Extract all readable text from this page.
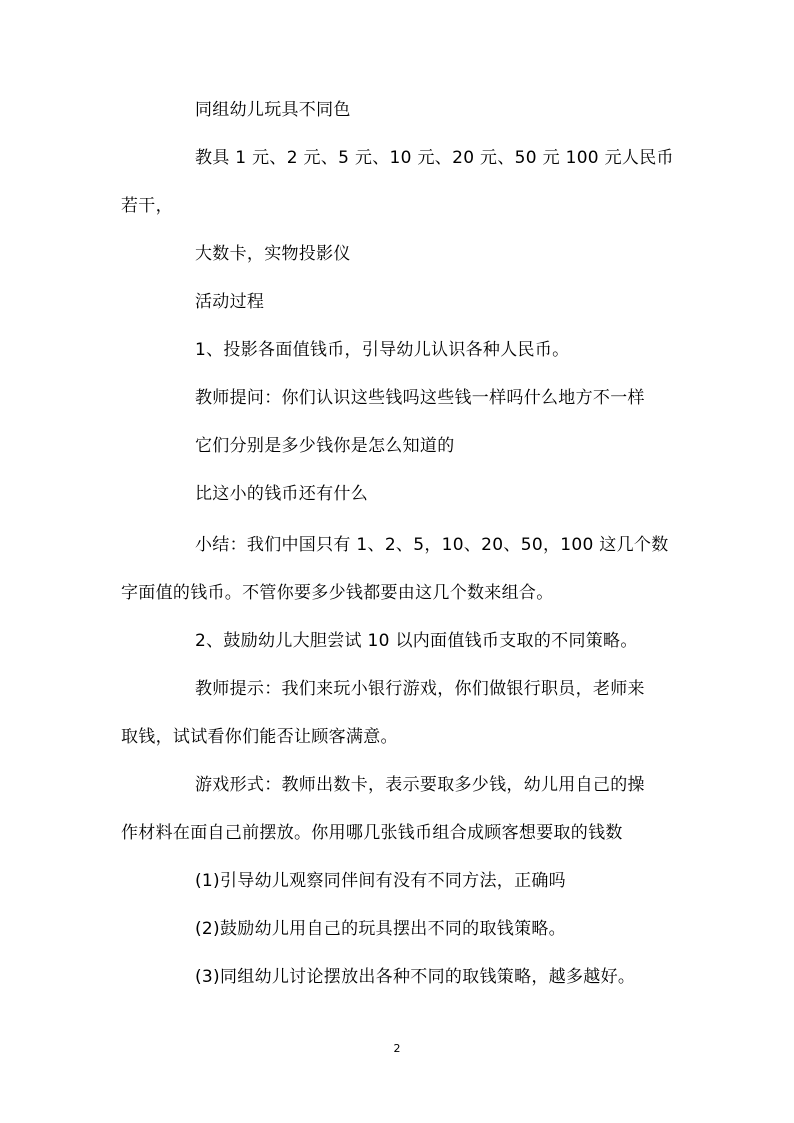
同组幼儿玩具不同色
教具 1 元、2 元、5 元、10 元、20 元、50 元 100 元人民币
若干，
大数卡，实物投影仪
活动过程
1、投影各面值钱币，引导幼儿认识各种人民币。
教师提问：你们认识这些钱吗这些钱一样吗什么地方不一样
它们分别是多少钱你是怎么知道的
比这小的钱币还有什么
小结：我们中国只有 1、2、5，10、20、50，100 这几个数
字面值的钱币。不管你要多少钱都要由这几个数来组合。
2、鼓励幼儿大胆尝试 10 以内面值钱币支取的不同策略。
教师提示：我们来玩小银行游戏，你们做银行职员，老师来
取钱，试试看你们能否让顾客满意。
游戏形式：教师出数卡，表示要取多少钱，幼儿用自己的操
作材料在面自己前摆放。你用哪几张钱币组合成顾客想要取的钱数
(1)引导幼儿观察同伴间有没有不同方法，正确吗
(2)鼓励幼儿用自己的玩具摆出不同的取钱策略。
(3)同组幼儿讨论摆放出各种不同的取钱策略，越多越好。
2
